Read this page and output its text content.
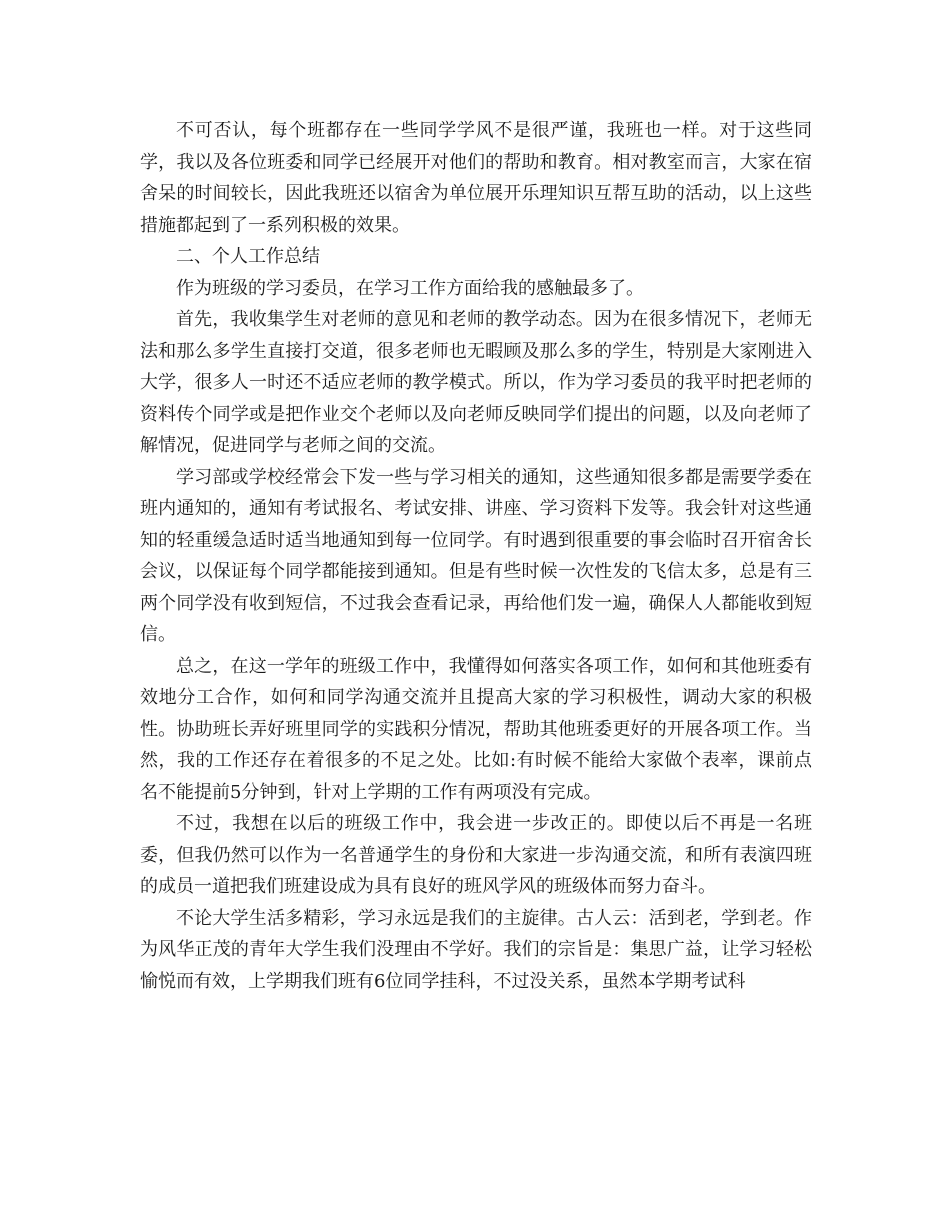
不可否认，每个班都存在一些同学学风不是很严谨，我班也一样。对于这些同学，我以及各位班委和同学已经展开对他们的帮助和教育。相对教室而言，大家在宿舍呆的时间较长，因此我班还以宿舍为单位展开乐理知识互帮互助的活动，以上这些措施都起到了一系列积极的效果。

二、个人工作总结

作为班级的学习委员，在学习工作方面给我的感触最多了。

首先，我收集学生对老师的意见和老师的教学动态。因为在很多情况下，老师无法和那么多学生直接打交道，很多老师也无暇顾及那么多的学生，特别是大家刚进入大学，很多人一时还不适应老师的教学模式。所以，作为学习委员的我平时把老师的资料传个同学或是把作业交个老师以及向老师反映同学们提出的问题，以及向老师了解情况，促进同学与老师之间的交流。

学习部或学校经常会下发一些与学习相关的通知，这些通知很多都是需要学委在班内通知的，通知有考试报名、考试安排、讲座、学习资料下发等。我会针对这些通知的轻重缓急适时适当地通知到每一位同学。有时遇到很重要的事会临时召开宿舍长会议，以保证每个同学都能接到通知。但是有些时候一次性发的飞信太多，总是有三两个同学没有收到短信，不过我会查看记录，再给他们发一遍，确保人人都能收到短信。

总之，在这一学年的班级工作中，我懂得如何落实各项工作，如何和其他班委有效地分工合作，如何和同学沟通交流并且提高大家的学习积极性，调动大家的积极性。协助班长弄好班里同学的实践积分情况，帮助其他班委更好的开展各项工作。当然，我的工作还存在着很多的不足之处。比如:有时候不能给大家做个表率，课前点名不能提前5分钟到，针对上学期的工作有两项没有完成。

不过，我想在以后的班级工作中，我会进一步改正的。即使以后不再是一名班委，但我仍然可以作为一名普通学生的身份和大家进一步沟通交流，和所有表演四班的成员一道把我们班建设成为具有良好的班风学风的班级体而努力奋斗。

不论大学生活多精彩，学习永远是我们的主旋律。古人云：活到老，学到老。作为风华正茂的青年大学生我们没理由不学好。我们的宗旨是：集思广益，让学习轻松愉悦而有效，上学期我们班有6位同学挂科，不过没关系，虽然本学期考试科
